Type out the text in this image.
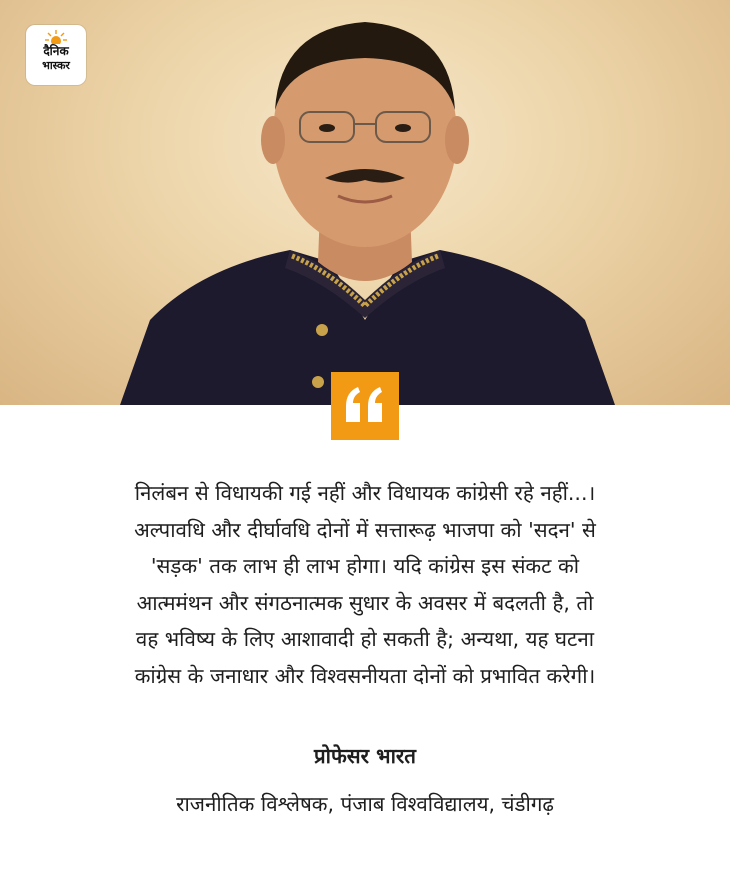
दैनिक
भास्कर
निलंबन से विधायकी गई नहीं और विधायक कांग्रेसी रहे नहीं...।
अल्पावधि और दीर्घावधि दोनों में सत्तारूढ़ भाजपा को 'सदन' से
'सड़क' तक लाभ ही लाभ होगा। यदि कांग्रेस इस संकट को
आत्ममंथन और संगठनात्मक सुधार के अवसर में बदलती है, तो
वह भविष्य के लिए आशावादी हो सकती है; अन्यथा, यह घटना
कांग्रेस के जनाधार और विश्वसनीयता दोनों को प्रभावित करेगी।
प्रोफेसर भारत
राजनीतिक विश्लेषक, पंजाब विश्वविद्यालय, चंडीगढ़
